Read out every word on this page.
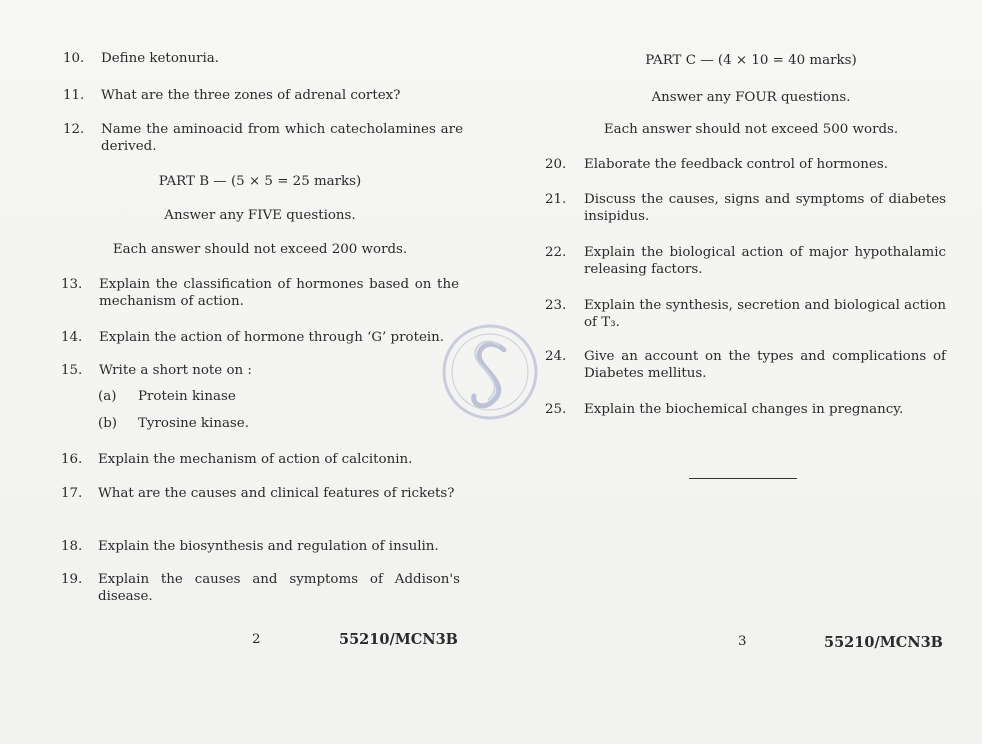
10. Define ketonuria.
11. What are the three zones of adrenal cortex?
12. Name the aminoacid from which catecholamines are derived.
PART B — (5 × 5 = 25 marks)
Answer any FIVE questions.
Each answer should not exceed 200 words.
13. Explain the classification of hormones based on the mechanism of action.
14. Explain the action of hormone through ‘G’ protein.
15. Write a short note on :
(a) Protein kinase
(b) Tyrosine kinase.
16. Explain the mechanism of action of calcitonin.
17. What are the causes and clinical features of rickets?
18. Explain the biosynthesis and regulation of insulin.
19. Explain the causes and symptoms of Addison's disease.
2	55210/MCN3B
PART C — (4 × 10 = 40 marks)
Answer any FOUR questions.
Each answer should not exceed 500 words.
20. Elaborate the feedback control of hormones.
21. Discuss the causes, signs and symptoms of diabetes insipidus.
22. Explain the biological action of major hypothalamic releasing factors.
23. Explain the synthesis, secretion and biological action of T₃.
24. Give an account on the types and complications of Diabetes mellitus.
25. Explain the biochemical changes in pregnancy.
3	55210/MCN3B
